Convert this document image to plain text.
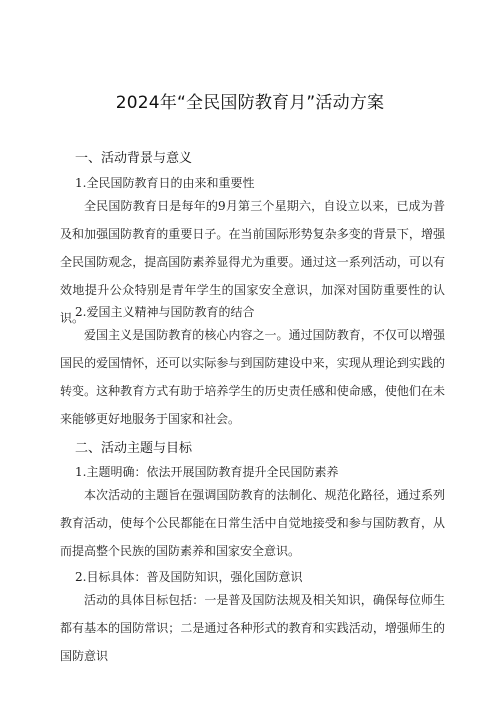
2024年“全民国防教育月”活动方案
一、活动背景与意义
1.全民国防教育日的由来和重要性
全民国防教育日是每年的9月第三个星期六，自设立以来，已成为普及和加强国防教育的重要日子。在当前国际形势复杂多变的背景下，增强全民国防观念，提高国防素养显得尤为重要。通过这一系列活动，可以有效地提升公众特别是青年学生的国家安全意识，加深对国防重要性的认识。
2.爱国主义精神与国防教育的结合
爱国主义是国防教育的核心内容之一。通过国防教育，不仅可以增强国民的爱国情怀，还可以实际参与到国防建设中来，实现从理论到实践的转变。这种教育方式有助于培养学生的历史责任感和使命感，使他们在未来能够更好地服务于国家和社会。
二、活动主题与目标
1.主题明确：依法开展国防教育提升全民国防素养
本次活动的主题旨在强调国防教育的法制化、规范化路径，通过系列教育活动，使每个公民都能在日常生活中自觉地接受和参与国防教育，从而提高整个民族的国防素养和国家安全意识。
2.目标具体：普及国防知识，强化国防意识
活动的具体目标包括：一是普及国防法规及相关知识，确保每位师生都有基本的国防常识；二是通过各种形式的教育和实践活动，增强师生的国防意识
